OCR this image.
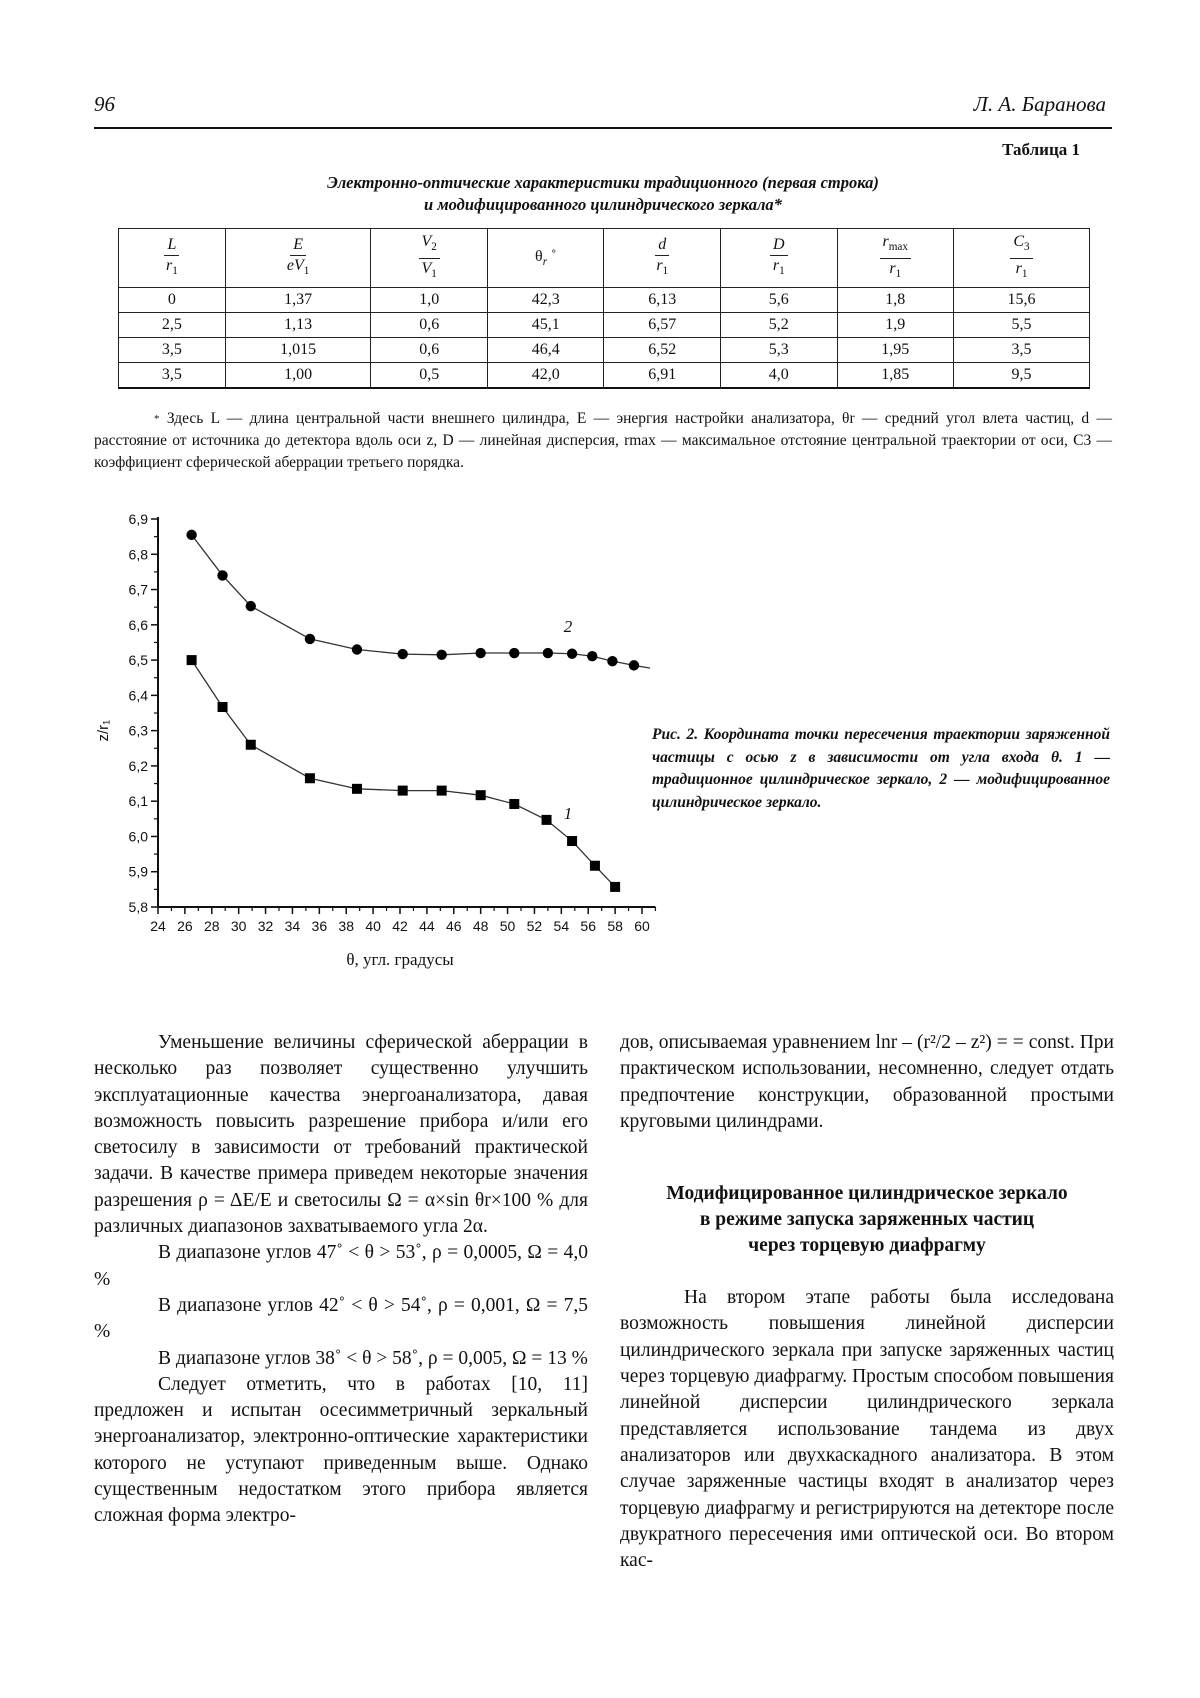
96	Л. А. Баранова
Таблица 1
Электронно-оптические характеристики традиционного (первая строка)
и модифицированного цилиндрического зеркала*
$\frac{L}{r_1}$	$\frac{E}{eV_1}$	$\frac{V_2}{V_1}$	$\theta_r$ ˚	$\frac{d}{r_1}$	$\frac{D}{r_1}$	$\frac{r_{max}}{r_1}$	$\frac{C_3}{r_1}$

0	1,37	1,0	42,3	6,13	5,6	1,8	15,6
2,5	1,13	0,6	45,1	6,57	5,2	1,9	5,5
3,5	1,015	0,6	46,4	6,52	5,3	1,95	3,5
3,5	1,00	0,5	42,0	6,91	4,0	1,85	9,5
* Здесь L — длина центральной части внешнего цилиндра, E — энергия настройки анализатора, θr — средний угол влета частиц, d — расстояние от источника до детектора вдоль оси z, D — линейная дисперсия, rmax — максимальное отстояние центральной траектории от оси, C3 — коэффициент сферической аберрации третьего порядка.
5,8
5,9
6,0
6,1
6,2
6,3
6,4
6,5
6,6
6,7
6,8
6,9
24 26 28 30 32 34 36 38 40 42 44 46 48 50 52 54 56 58 60
θ, угл. градусы
z/r₁
2
1
Рис. 2. Координата точки пересечения траектории заряженной частицы с осью z в зависимости от угла входа θ. 1 — традиционное цилиндрическое зеркало, 2 — модифицированное цилиндрическое зеркало.

Уменьшение величины сферической аберрации в несколько раз позволяет существенно улучшить эксплуатационные качества энергоанализатора, давая возможность повысить разрешение прибора и/или его светосилу в зависимости от требований практической задачи. В качестве примера приведем некоторые значения разрешения ρ = ΔE/E и светосилы Ω = α×sin θr×100 % для различных диапазонов захватываемого угла 2α.

В диапазоне углов 47˚ < θ > 53˚, ρ = 0,0005, Ω = 4,0 %

В диапазоне углов 42˚ < θ > 54˚, ρ = 0,001, Ω = 7,5 %

В диапазоне углов 38˚ < θ > 58˚, ρ = 0,005, Ω = 13 %

Следует отметить, что в работах [10, 11] предложен и испытан осесимметричный зеркальный энергоанализатор, электронно-оптические характеристики которого не уступают приведенным выше. Однако существенным недостатком этого прибора является сложная форма электро-

дов, описываемая уравнением lnr – (r²/2 – z²) = = const. При практическом использовании, несомненно, следует отдать предпочтение конструкции, образованной простыми круговыми цилиндрами.

Модифицированное цилиндрическое зеркало
в режиме запуска заряженных частиц
через торцевую диафрагму

На втором этапе работы была исследована возможность повышения линейной дисперсии цилиндрического зеркала при запуске заряженных частиц через торцевую диафрагму. Простым способом повышения линейной дисперсии цилиндрического зеркала представляется использование тандема из двух анализаторов или двухкаскадного анализатора. В этом случае заряженные частицы входят в анализатор через торцевую диафрагму и регистрируются на детекторе после двукратного пересечения ими оптической оси. Во втором кас-
